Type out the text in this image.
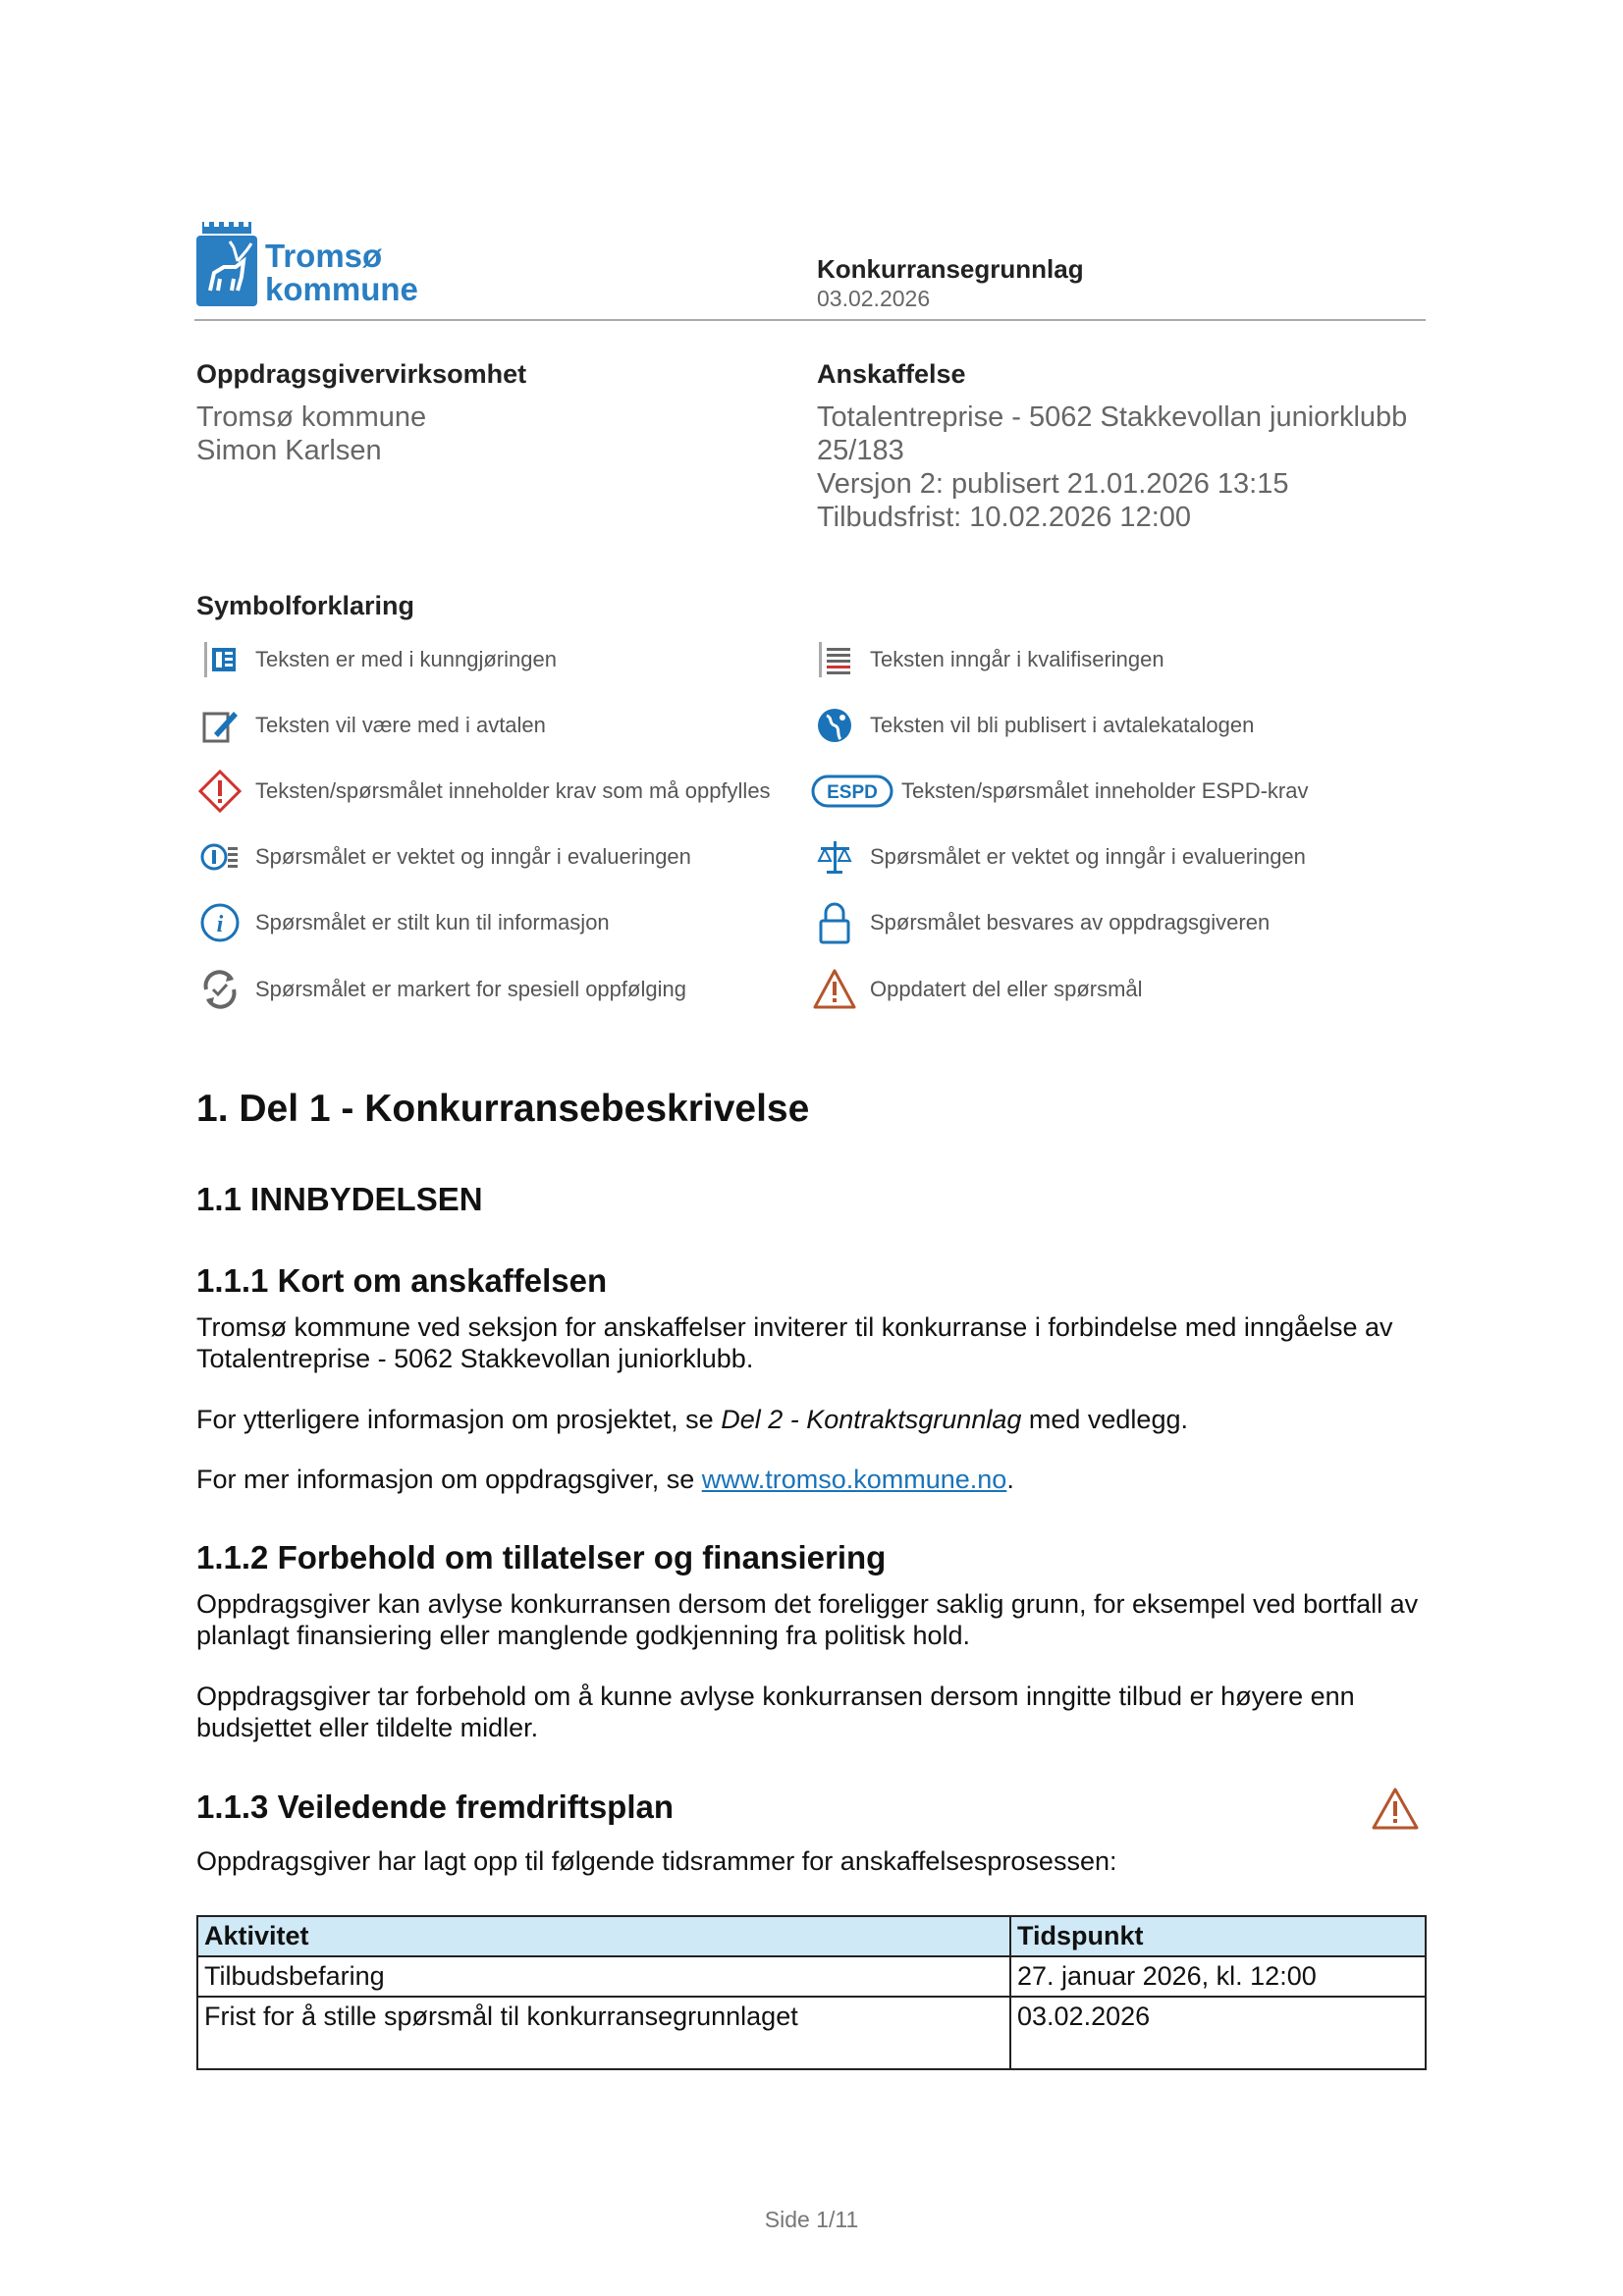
Tromsø
kommune
Konkurransegrunnlag
03.02.2026
Oppdragsgivervirksomhet
Tromsø kommune
Simon Karlsen
Anskaffelse
Totalentreprise - 5062 Stakkevollan juniorklubb
25/183
Versjon 2: publisert 21.01.2026 13:15
Tilbudsfrist: 10.02.2026 12:00
Symbolforklaring
Teksten er med i kunngjøringen	Teksten inngår i kvalifiseringen
Teksten vil være med i avtalen	Teksten vil bli publisert i avtalekatalogen
Teksten/spørsmålet inneholder krav som må oppfylles	ESPD Teksten/spørsmålet inneholder ESPD-krav
Spørsmålet er vektet og inngår i evalueringen	Spørsmålet er vektet og inngår i evalueringen
i Spørsmålet er stilt kun til informasjon	Spørsmålet besvares av oppdragsgiveren
Spørsmålet er markert for spesiell oppfølging	Oppdatert del eller spørsmål
1. Del 1 - Konkurransebeskrivelse
1.1 INNBYDELSEN
1.1.1 Kort om anskaffelsen
Tromsø kommune ved seksjon for anskaffelser inviterer til konkurranse i forbindelse med inngåelse av Totalentreprise - 5062 Stakkevollan juniorklubb.
For ytterligere informasjon om prosjektet, se Del 2 - Kontraktsgrunnlag med vedlegg.
For mer informasjon om oppdragsgiver, se www.tromso.kommune.no.
1.1.2 Forbehold om tillatelser og finansiering
Oppdragsgiver kan avlyse konkurransen dersom det foreligger saklig grunn, for eksempel ved bortfall av planlagt finansiering eller manglende godkjenning fra politisk hold.
Oppdragsgiver tar forbehold om å kunne avlyse konkurransen dersom inngitte tilbud er høyere enn budsjettet eller tildelte midler.
1.1.3 Veiledende fremdriftsplan
Oppdragsgiver har lagt opp til følgende tidsrammer for anskaffelsesprosessen:
Aktivitet	Tidspunkt
Tilbudsbefaring	27. januar 2026, kl. 12:00
Frist for å stille spørsmål til konkurransegrunnlaget	03.02.2026
Side 1/11
